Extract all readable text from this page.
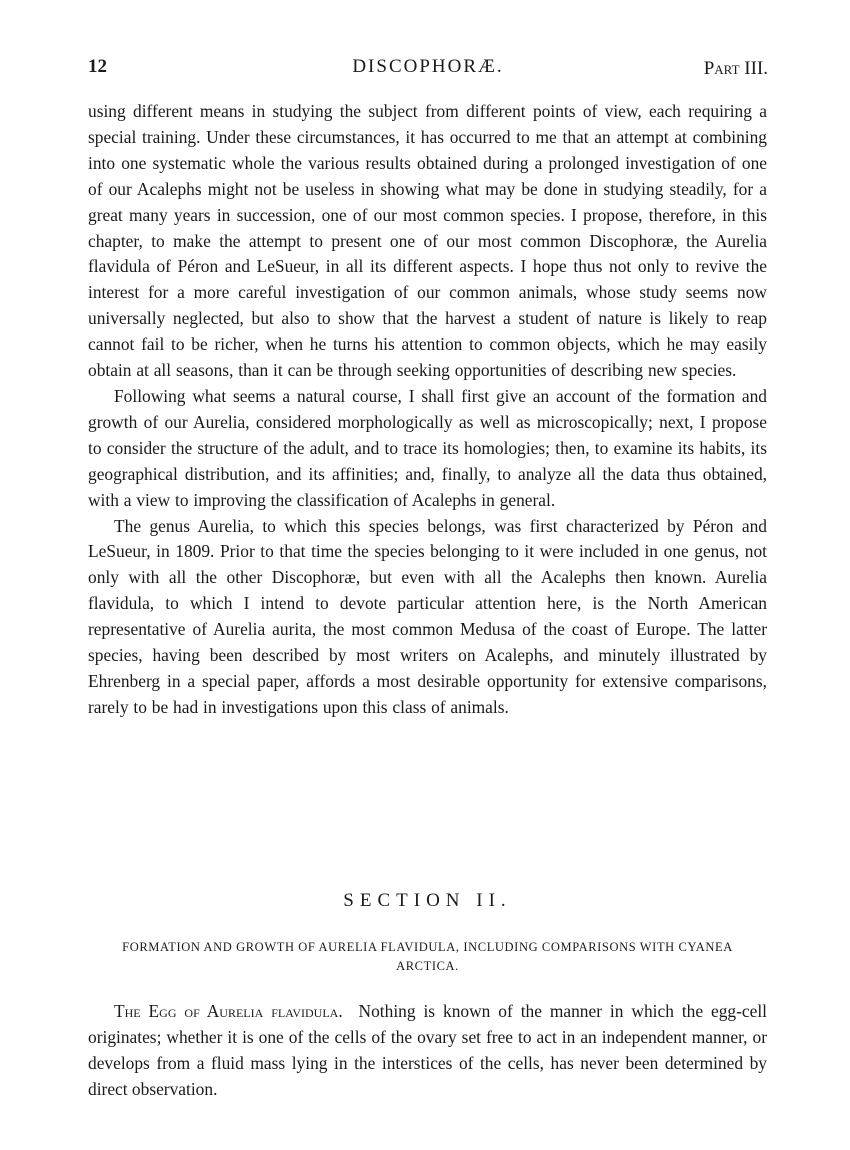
12	DISCOPHORÆ.	Part III.

using different means in studying the subject from different points of view, each requiring a special training. Under these circumstances, it has occurred to me that an attempt at combining into one systematic whole the various results obtained during a prolonged investigation of one of our Acalephs might not be useless in showing what may be done in studying steadily, for a great many years in succession, one of our most common species. I propose, therefore, in this chapter, to make the attempt to present one of our most common Discophoræ, the Aurelia flavidula of Péron and LeSueur, in all its different aspects. I hope thus not only to revive the interest for a more careful investigation of our common animals, whose study seems now universally neglected, but also to show that the harvest a student of nature is likely to reap cannot fail to be richer, when he turns his attention to common objects, which he may easily obtain at all seasons, than it can be through seeking opportunities of describing new species.

Following what seems a natural course, I shall first give an account of the formation and growth of our Aurelia, considered morphologically as well as microscopically; next, I propose to consider the structure of the adult, and to trace its homologies; then, to examine its habits, its geographical distribution, and its affinities; and, finally, to analyze all the data thus obtained, with a view to improving the classification of Acalephs in general.

The genus Aurelia, to which this species belongs, was first characterized by Péron and LeSueur, in 1809. Prior to that time the species belonging to it were included in one genus, not only with all the other Discophoræ, but even with all the Acalephs then known. Aurelia flavidula, to which I intend to devote particular attention here, is the North American representative of Aurelia aurita, the most common Medusa of the coast of Europe. The latter species, having been described by most writers on Acalephs, and minutely illustrated by Ehrenberg in a special paper, affords a most desirable opportunity for extensive comparisons, rarely to be had in investigations upon this class of animals.

SECTION II.
FORMATION AND GROWTH OF AURELIA FLAVIDULA, INCLUDING COMPARISONS WITH CYANEA ARCTICA.

The Egg of Aurelia flavidula. Nothing is known of the manner in which the egg-cell originates; whether it is one of the cells of the ovary set free to act in an independent manner, or develops from a fluid mass lying in the interstices of the cells, has never been determined by direct observation.
